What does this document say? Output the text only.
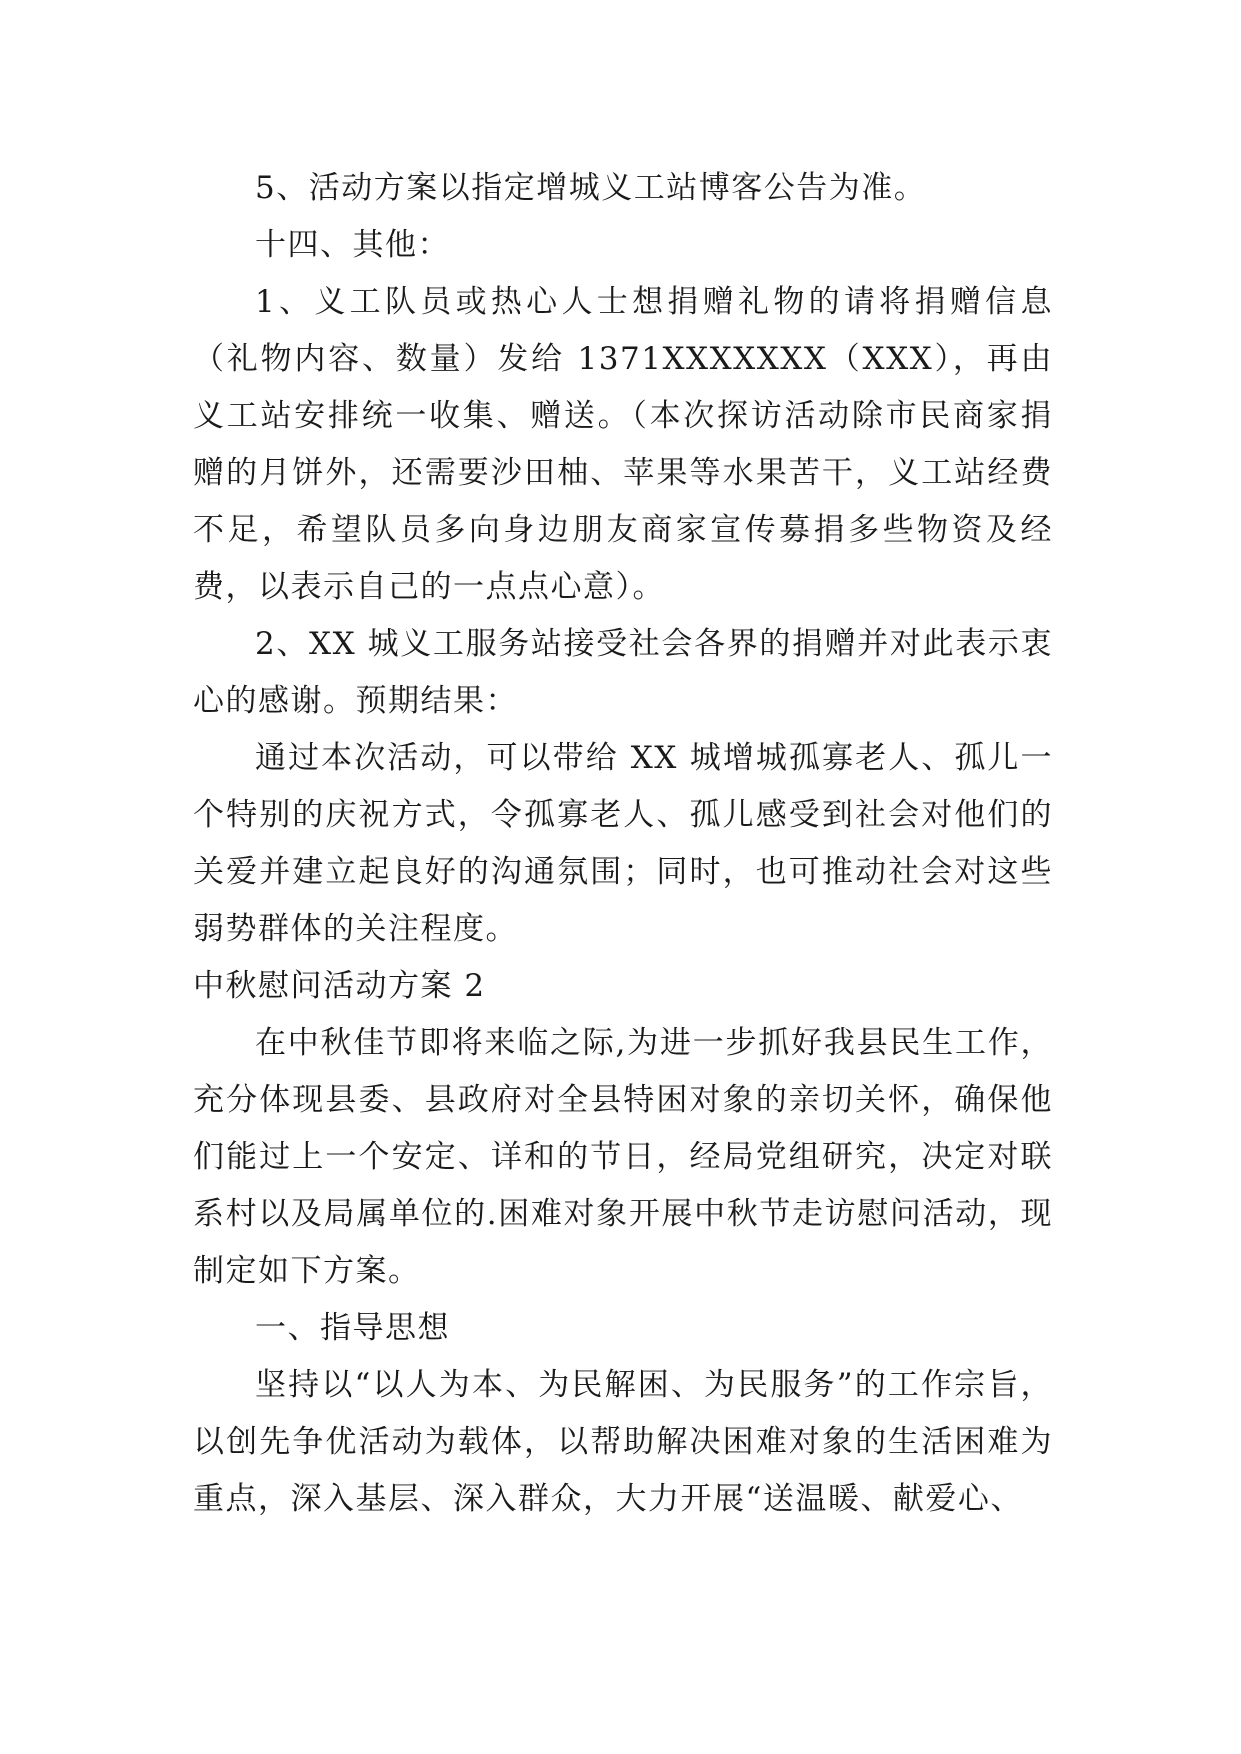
5、活动方案以指定增城义工站博客公告为准。

十四、其他：

1、义工队员或热心人士想捐赠礼物的请将捐赠信息（礼物内容、数量）发给 1371XXXXXXX（XXX），再由义工站安排统一收集、赠送。（本次探访活动除市民商家捐赠的月饼外，还需要沙田柚、苹果等水果苦干，义工站经费不足，希望队员多向身边朋友商家宣传募捐多些物资及经费，以表示自己的一点点心意）。

2、XX 城义工服务站接受社会各界的捐赠并对此表示衷心的感谢。预期结果：

通过本次活动，可以带给 XX 城增城孤寡老人、孤儿一个特别的庆祝方式，令孤寡老人、孤儿感受到社会对他们的关爱并建立起良好的沟通氛围；同时，也可推动社会对这些弱势群体的关注程度。

中秋慰问活动方案 2

在中秋佳节即将来临之际,为进一步抓好我县民生工作，充分体现县委、县政府对全县特困对象的亲切关怀，确保他们能过上一个安定、详和的节日，经局党组研究，决定对联系村以及局属单位的.困难对象开展中秋节走访慰问活动，现制定如下方案。

一、指导思想

坚持以“以人为本、为民解困、为民服务”的工作宗旨，以创先争优活动为载体，以帮助解决困难对象的生活困难为重点，深入基层、深入群众，大力开展“送温暖、献爱心、
